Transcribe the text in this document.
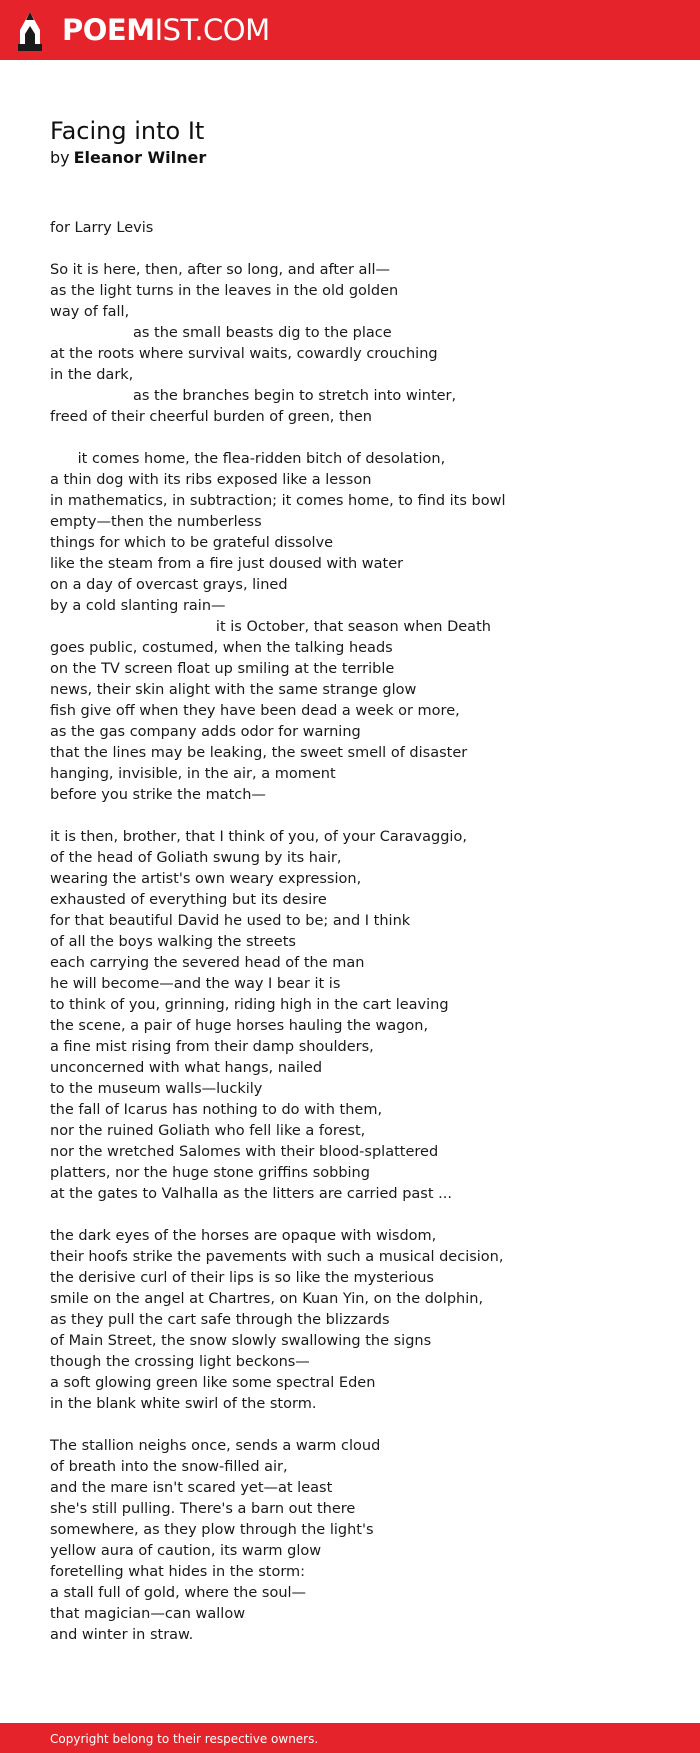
POEMIST.COM
Facing into It
by Eleanor Wilner
for Larry Levis
So it is here, then, after so long, and after all—
as the light turns in the leaves in the old golden
way of fall,
as the small beasts dig to the place
at the roots where survival waits, cowardly crouching
in the dark,
as the branches begin to stretch into winter,
freed of their cheerful burden of green, then
it comes home, the flea-ridden bitch of desolation,
a thin dog with its ribs exposed like a lesson
in mathematics, in subtraction; it comes home, to find its bowl
empty—then the numberless
things for which to be grateful dissolve
like the steam from a fire just doused with water
on a day of overcast grays, lined
by a cold slanting rain—
it is October, that season when Death
goes public, costumed, when the talking heads
on the TV screen float up smiling at the terrible
news, their skin alight with the same strange glow
fish give off when they have been dead a week or more,
as the gas company adds odor for warning
that the lines may be leaking, the sweet smell of disaster
hanging, invisible, in the air, a moment
before you strike the match—
it is then, brother, that I think of you, of your Caravaggio,
of the head of Goliath swung by its hair,
wearing the artist's own weary expression,
exhausted of everything but its desire
for that beautiful David he used to be; and I think
of all the boys walking the streets
each carrying the severed head of the man
he will become—and the way I bear it is
to think of you, grinning, riding high in the cart leaving
the scene, a pair of huge horses hauling the wagon,
a fine mist rising from their damp shoulders,
unconcerned with what hangs, nailed
to the museum walls—luckily
the fall of Icarus has nothing to do with them,
nor the ruined Goliath who fell like a forest,
nor the wretched Salomes with their blood-splattered
platters, nor the huge stone griffins sobbing
at the gates to Valhalla as the litters are carried past ...
the dark eyes of the horses are opaque with wisdom,
their hoofs strike the pavements with such a musical decision,
the derisive curl of their lips is so like the mysterious
smile on the angel at Chartres, on Kuan Yin, on the dolphin,
as they pull the cart safe through the blizzards
of Main Street, the snow slowly swallowing the signs
though the crossing light beckons—
a soft glowing green like some spectral Eden
in the blank white swirl of the storm.
The stallion neighs once, sends a warm cloud
of breath into the snow-filled air,
and the mare isn't scared yet—at least
she's still pulling. There's a barn out there
somewhere, as they plow through the light's
yellow aura of caution, its warm glow
foretelling what hides in the storm:
a stall full of gold, where the soul—
that magician—can wallow
and winter in straw.
Copyright belong to their respective owners.
